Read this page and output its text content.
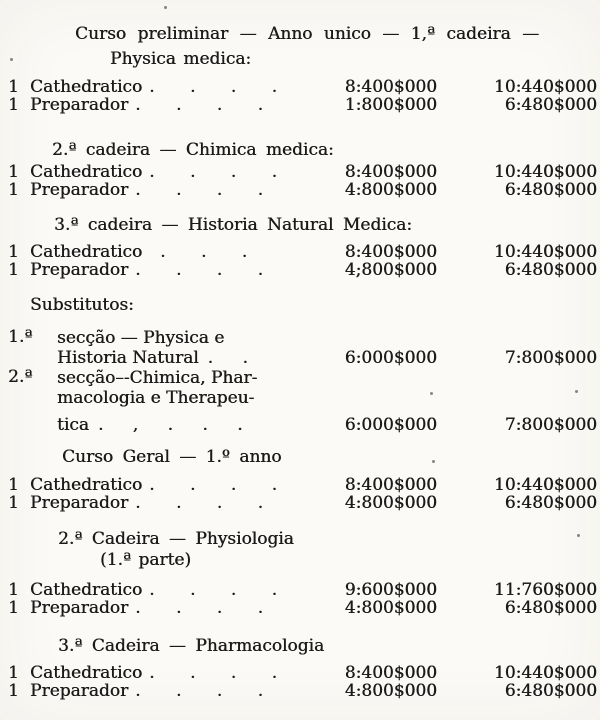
Curso preliminar — Anno unico — 1,ª cadeira —
Physica medica:
1 Cathedratico . . . .	8:400$000	10:440$000
1 Preparador . . . .	1:800$000	6:480$000
2.ª cadeira — Chimica medica:
1 Cathedratico . . . .	8:400$000	10:440$000
1 Preparador . . . .	4:800$000	6:480$000
3.ª cadeira — Historia Natural Medica:
1 Cathedratico . . .	8:400$000	10:440$000
1 Preparador . . . .	4;800$000	6:480$000
Substitutos:
1.ª secção — Physica e
Historia Natural . .	6:000$000	7:800$000
2.ª secção–-Chimica, Phar-
macologia e Therapeu-
tica . , . . .	6:000$000	7:800$000
Curso Geral — 1.º anno
1 Cathedratico . . . .	8:400$000	10:440$000
1 Preparador . . . .	4:800$000	6:480$000
2.ª Cadeira — Physiologia
(1.ª parte)
1 Cathedratico . . . .	9:600$000	11:760$000
1 Preparador . . . .	4:800$000	6:480$000
3.ª Cadeira — Pharmacologia
1 Cathedratico . . . .	8:400$000	10:440$000
1 Preparador . . . .	4:800$000	6:480$000
